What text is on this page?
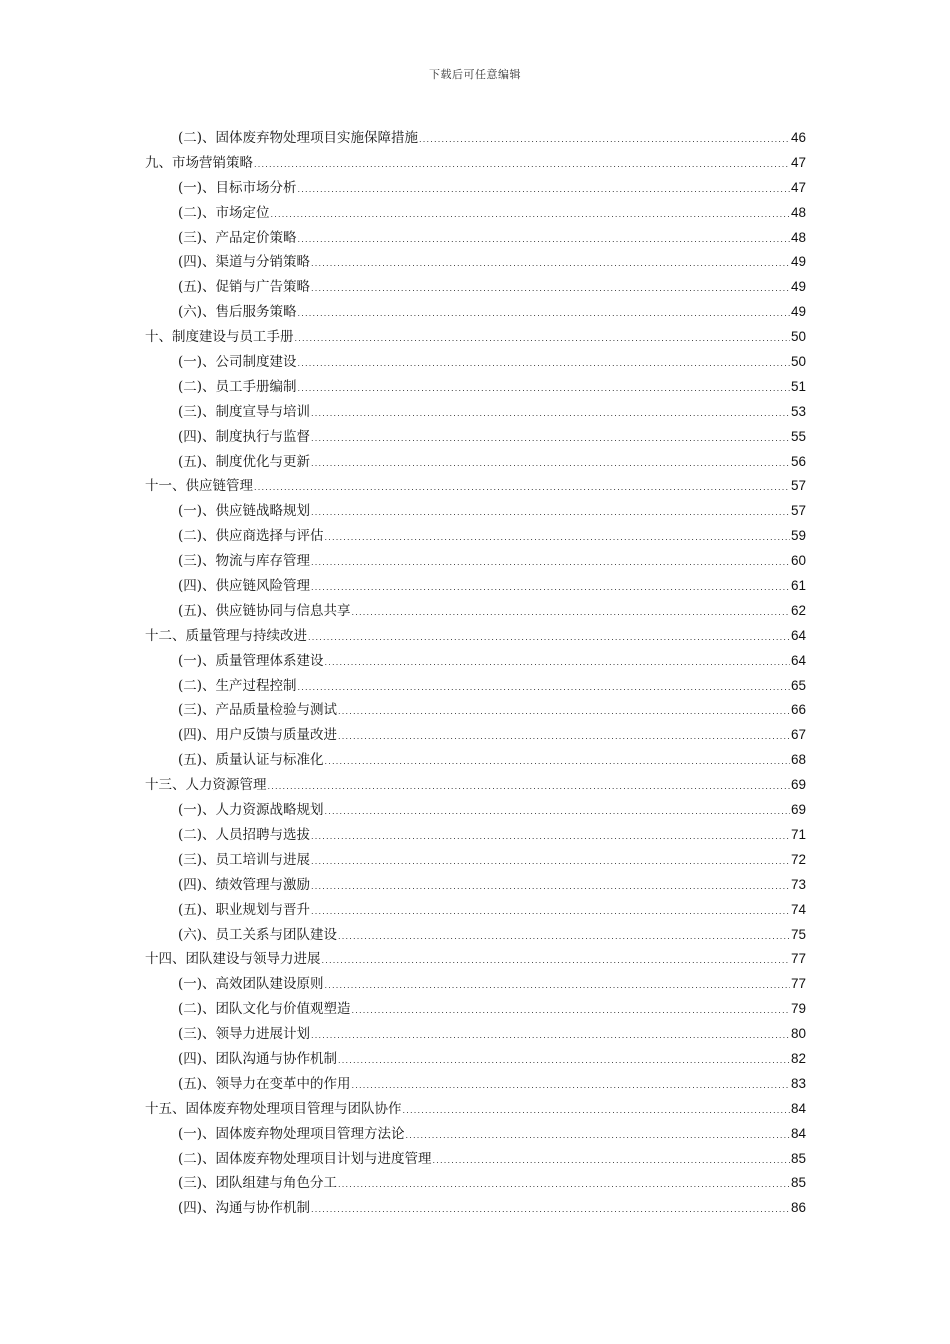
下载后可任意编辑
(二)、固体废弃物处理项目实施保障措施 .....	46
九、市场营销策略 .....	47
(一)、目标市场分析 .....	47
(二)、市场定位 .....	48
(三)、产品定价策略 .....	48
(四)、渠道与分销策略 .....	49
(五)、促销与广告策略 .....	49
(六)、售后服务策略 .....	49
十、制度建设与员工手册 .....	50
(一)、公司制度建设 .....	50
(二)、员工手册编制 .....	51
(三)、制度宣导与培训 .....	53
(四)、制度执行与监督 .....	55
(五)、制度优化与更新 .....	56
十一、供应链管理 .....	57
(一)、供应链战略规划 .....	57
(二)、供应商选择与评估 .....	59
(三)、物流与库存管理 .....	60
(四)、供应链风险管理 .....	61
(五)、供应链协同与信息共享 .....	62
十二、质量管理与持续改进 .....	64
(一)、质量管理体系建设 .....	64
(二)、生产过程控制 .....	65
(三)、产品质量检验与测试 .....	66
(四)、用户反馈与质量改进 .....	67
(五)、质量认证与标准化 .....	68
十三、人力资源管理 .....	69
(一)、人力资源战略规划 .....	69
(二)、人员招聘与选拔 .....	71
(三)、员工培训与进展 .....	72
(四)、绩效管理与激励 .....	73
(五)、职业规划与晋升 .....	74
(六)、员工关系与团队建设 .....	75
十四、团队建设与领导力进展 .....	77
(一)、高效团队建设原则 .....	77
(二)、团队文化与价值观塑造 .....	79
(三)、领导力进展计划 .....	80
(四)、团队沟通与协作机制 .....	82
(五)、领导力在变革中的作用 .....	83
十五、固体废弃物处理项目管理与团队协作 .....	84
(一)、固体废弃物处理项目管理方法论 .....	84
(二)、固体废弃物处理项目计划与进度管理 .....	85
(三)、团队组建与角色分工 .....	85
(四)、沟通与协作机制 .....	86
